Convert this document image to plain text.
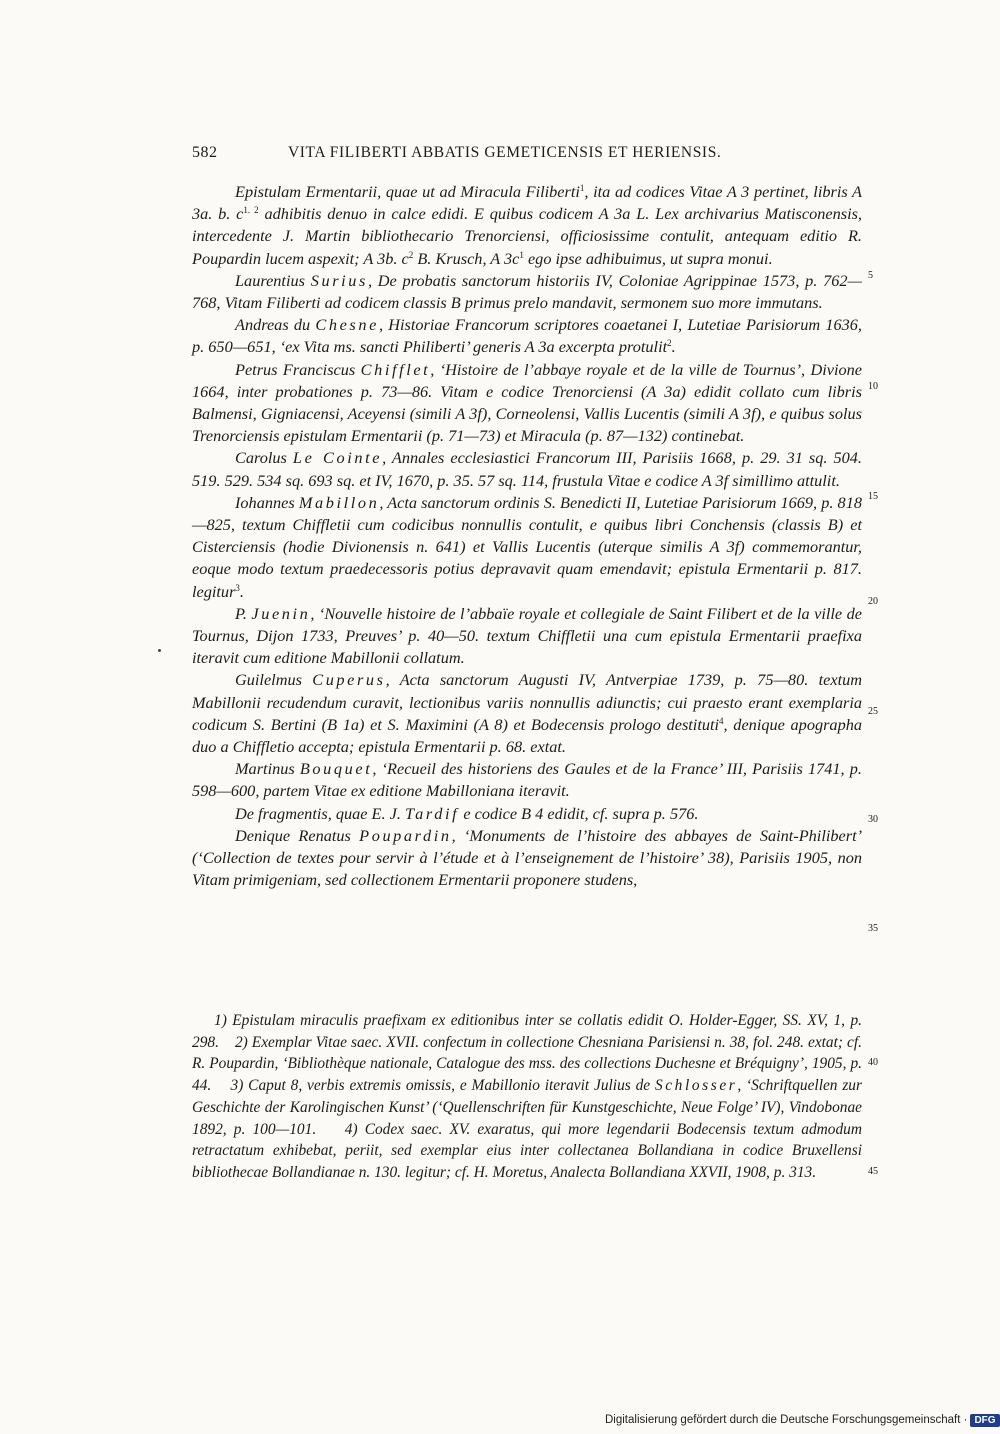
582	VITA FILIBERTI ABBATIS GEMETICENSIS ET HERIENSIS.

Epistulam Ermentarii, quae ut ad Miracula Filiberti$^1$, ita ad codices Vitae A 3 pertinet, libris A 3a. b. $c^{1. 2}$ adhibitis denuo in calce edidi. E quibus codicem A 3a L. Lex archivarius Matisconensis, intercedente J. Martin bibliothecario Trenorciensi, officiosissime contulit, antequam editio R. Poupardin lucem aspexit; A 3b. $c^2$ B. Krusch, A $3c^1$ ego ipse adhibuimus, ut supra monui.

Laurentius Surius, De probatis sanctorum historiis IV, Coloniae Agrippinae 1573, p. 762—768, Vitam Filiberti ad codicem classis B primus prelo mandavit, sermonem suo more immutans.

Andreas du Chesne, Historiae Francorum scriptores coaetanei I, Lutetiae Parisiorum 1636, p. 650—651, ‘ex Vita ms. sancti Philiberti’ generis A 3a excerpta protulit$^2$.

Petrus Franciscus Chifflet, ‘Histoire de l’abbaye royale et de la ville de Tournus’, Divione 1664, inter probationes p. 73—86. Vitam e codice Trenorciensi (A 3a) edidit collato cum libris Balmensi, Gigniacensi, Aceyensi (simili A 3f), Corneolensi, Vallis Lucentis (simili A 3f), e quibus solus Trenorciensis epistulam Ermentarii (p. 71—73) et Miracula (p. 87—132) continebat.

Carolus Le Cointe, Annales ecclesiastici Francorum III, Parisiis 1668, p. 29. 31 sq. 504. 519. 529. 534 sq. 693 sq. et IV, 1670, p. 35. 57 sq. 114, frustula Vitae e codice A 3f simillimo attulit.

Iohannes Mabillon, Acta sanctorum ordinis S. Benedicti II, Lutetiae Parisiorum 1669, p. 818—825, textum Chiffletii cum codicibus nonnullis contulit, e quibus libri Conchensis (classis B) et Cisterciensis (hodie Divionensis n. 641) et Vallis Lucentis (uterque similis A 3f) commemorantur, eoque modo textum praedecessoris potius depravavit quam emendavit; epistula Ermentarii p. 817. legitur$^3$.

P. Juenin, ‘Nouvelle histoire de l’abbaïe royale et collegiale de Saint Filibert et de la ville de Tournus, Dijon 1733, Preuves’ p. 40—50. textum Chiffletii una cum epistula Ermentarii praefixa iteravit cum editione Mabillonii collatum.

Guilelmus Cuperus, Acta sanctorum Augusti IV, Antverpiae 1739, p. 75—80. textum Mabillonii recudendum curavit, lectionibus variis nonnullis adiunctis; cui praesto erant exemplaria codicum S. Bertini (B 1a) et S. Maximini (A 8) et Bodecensis prologo destituti$^4$, denique apographa duo a Chiffletio accepta; epistula Ermentarii p. 68. extat.

Martinus Bouquet, ‘Recueil des historiens des Gaules et de la France’ III, Parisiis 1741, p. 598—600, partem Vitae ex editione Mabilloniana iteravit.

De fragmentis, quae E. J. Tardif e codice B 4 edidit, cf. supra p. 576.

Denique Renatus Poupardin, ‘Monuments de l’histoire des abbayes de Saint-Philibert’ (‘Collection de textes pour servir à l’étude et à l’enseignement de l’histoire’ 38), Parisiis 1905, non Vitam primigeniam, sed collectionem Ermentarii proponere studens,

1) Epistulam miraculis praefixam ex editionibus inter se collatis edidit O. Holder-Egger, SS. XV, 1, p. 298.    2) Exemplar Vitae saec. XVII. confectum in collectione Chesniana Parisiensi n. 38, fol. 248. extat; cf. R. Poupardin, ‘Bibliothèque nationale, Catalogue des mss. des collections Duchesne et Bréquigny’, 1905, p. 44.    3) Caput 8, verbis extremis omissis, e Mabillonio iteravit Julius de Schlosser, ‘Schriftquellen zur Geschichte der Karolingischen Kunst’ (‘Quellenschriften für Kunstgeschichte, Neue Folge’ IV), Vindobonae 1892, p. 100—101.    4) Codex saec. XV. exaratus, qui more legendarii Bodecensis textum admodum retractatum exhibebat, periit, sed exemplar eius inter collectanea Bollandiana in codice Bruxellensi bibliothecae Bollandianae n. 130. legitur; cf. H. Moretus, Analecta Bollandiana XXVII, 1908, p. 313.
5
10
15
20
25
30
35
40
45
Digitalisierung gefördert durch die Deutsche Forschungsgemeinschaft · DFG
